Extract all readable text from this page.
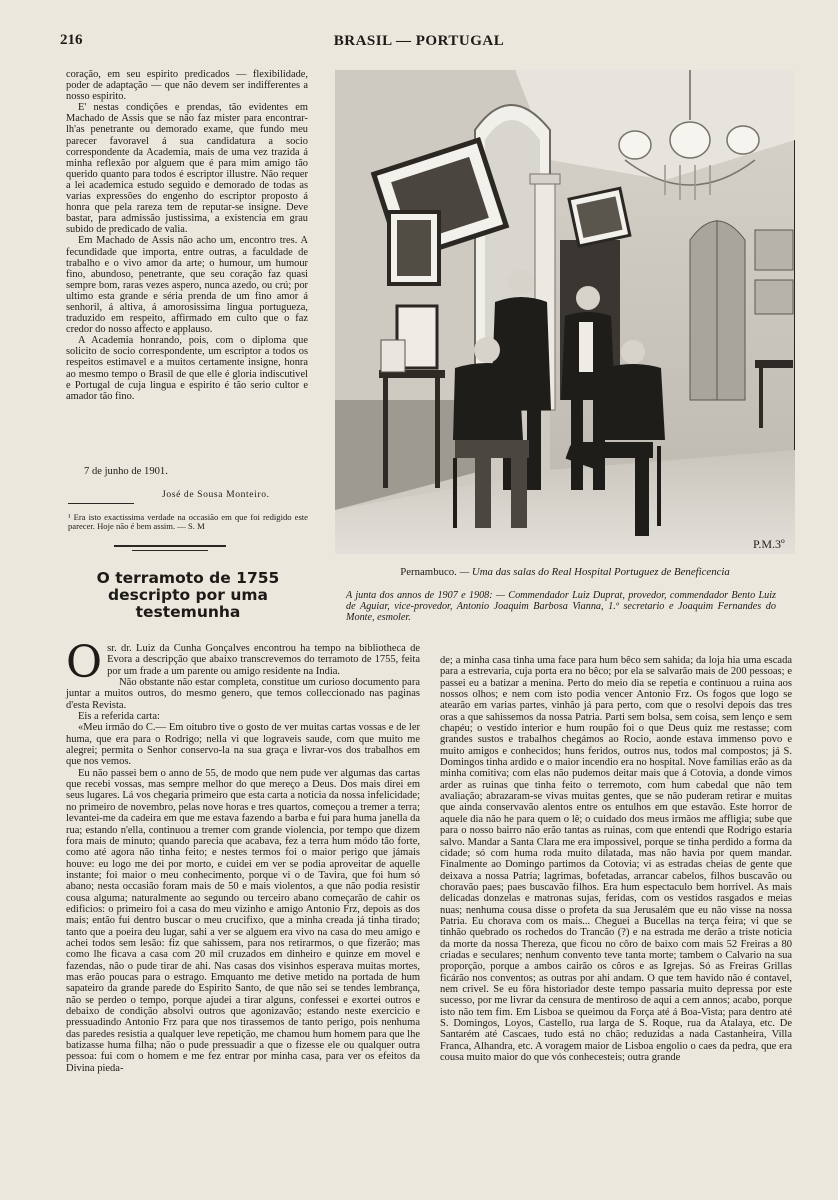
216	BRASIL — PORTUGAL

coração, em seu espirito predicados — flexibilidade, poder de adaptação — que não devem ser indifferentes a nosso espirito.

E' nestas condições e prendas, tão evidentes em Machado de Assis que se não faz mister para encontrar-lh'as penetrante ou demorado exame, que fundo meu parecer favoravel á sua candidatura a socio correspondente da Academia, mais de uma vez trazida á minha reflexão por alguem que é para mim amigo tão querido quanto para todos é escriptor illustre. Não requer a lei academica estudo seguido e demorado de todas as varias expressões do engenho do escriptor proposto á honra que pela rareza tem de reputar-se insigne. Deve bastar, para admissão justissima, a existencia em grau subido de predicado de valia.

Em Machado de Assis não acho um, encontro tres. A fecundidade que importa, entre outras, a faculdade de trabalho e o vivo amor da arte; o humour, um humour fino, abundoso, penetrante, que seu coração faz quasi sempre bom, raras vezes aspero, nunca azedo, ou crú; por ultimo esta grande e séria prenda de um fino amor á senhoril, á altiva, á amorosissima lingua portugueza, traduzido em respeito, affirmado em culto que o faz credor do nosso affecto e applauso.

A Academia honrando, pois, com o diploma que solicito de socio correspondente, um escriptor a todos os respeitos estimavel e a muitos certamente insigne, honra ao mesmo tempo o Brasil de que elle é gloria indiscutivel e Portugal de cuja lingua e espirito é tão serio cultor e amador tão fino.

7 de junho de 1901.
José de Sousa Monteiro.
¹ Era isto exactissima verdade na occasião em que foi redigido este parecer. Hoje não é bem assim. — S. M
O terramoto de 1755 descripto por uma testemunha
P.M.3º
Pernambuco. — Uma das salas do Real Hospital Portuguez de Beneficencia
A junta dos annos de 1907 e 1908: — Commendador Luiz Duprat, provedor, commendador Bento Luiz de Aguiar, vice-provedor, Antonio Joaquim Barbosa Vianna, 1.º secretario e Joaquim Fernandes do Monte, esmoler.

Osr. dr. Luiz da Cunha Gonçalves encontrou ha tempo na bibliotheca de Evora a descripção que abaixo transcrevemos do terramoto de 1755, feita por um frade a um parente ou amigo residente na India.

Não obstante não estar completa, constitue um curioso documento para juntar a muitos outros, do mesmo genero, que temos colleccionado nas paginas d'esta Revista.

Eis a referida carta:

«Meu irmão do C.— Em oitubro tive o gosto de ver muitas cartas vossas e de ler huma, que era para o Rodrigo; nella vi que lograveis saude, com que muito me alegrei; permita o Senhor conservo-la na sua graça e livrar-vos dos trabalhos em que nos vemos.

Eu não passei bem o anno de 55, de modo que nem pude ver algumas das cartas que recebi vossas, mas sempre melhor do que mereço a Deus. Dos mais direi em seus lugares. Lá vos chegaria primeiro que esta carta a noticia da nossa infelicidade; no primeiro de novembro, pelas nove horas e tres quartos, começou a tremer a terra; levantei-me da cadeira em que me estava fazendo a barba e fui para huma janella da rua; estando n'ella, continuou a tremer com grande violencia, por tempo que dizem fora mais de minuto; quando parecia que acabava, fez a terra hum módo tão forte, como até agora não tinha feito; e nestes termos foi o maior perigo que jámais houve: eu logo me dei por morto, e cuidei em ver se podia aproveitar de aquelle instante; foi maior o meu conhecimento, porque vi o de Tavira, que foi hum só abano; nesta occasião foram mais de 50 e mais violentos, a que não podia resistir cousa alguma; naturalmente ao segundo ou terceiro abano começarão de cahir os edificios: o primeiro foi a casa do meu vizinho e amigo Antonio Frz, depois as dos mais; então fui dentro buscar o meu crucifixo, que a minha creada já tinha tirado; tanto que a poeira deu lugar, sahi a ver se alguem era vivo na casa do meu amigo e achei todos sem lesão: fiz que sahissem, para nos retirarmos, o que fizerão; mas como lhe ficava a casa com 20 mil cruzados em dinheiro e quinze em movel e fazendas, não o pude tirar de ahi. Nas casas dos visinhos esperava muitas mortes, mas erão poucas para o estrago. Emquanto me detive metido na portada de hum sapateiro da grande parede do Espirito Santo, de que não sei se tendes lembrança, não se perdeo o tempo, porque ajudei a tirar alguns, confessei e exortei outros e debaixo de condição absolvi outros que agonizavão; estando neste exercicio e pressuadindo Antonio Frz para que nos tirassemos de tanto perigo, pois nenhuma das paredes resistia a qualquer leve repetição, me chamou hum homem para que lhe batizasse huma filha; não o pude pressuadir a que o fizesse ele ou qualquer outra pessoa: fui com o homem e me fez entrar por minha casa, para ver os efeitos da Divina pieda-

de; a minha casa tinha uma face para hum bêco sem sahida; da loja hia uma escada para a estrevaria, cuja porta era no bêco; por ela se salvarão mais de 200 pessoas; e passei eu a batizar a menina. Perto do meio dia se repetia e continuou a ruina aos nossos olhos; e nem com isto podia vencer Antonio Frz. Os fogos que logo se atearão em varias partes, vinhão já para perto, com que o resolvi depois das tres oras a que sahissemos da nossa Patria. Parti sem bolsa, sem coisa, sem lenço e sem chapéu; o vestido interior e hum roupão foi o que Deus quiz me restasse; com grandes sustos e trabalhos chegámos ao Rocio, aonde estava immenso povo e muito amigos e conhecidos; huns feridos, outros nus, todos mal compostos; já S. Domingos tinha ardido e o maior incendio era no hospital. Nove familias erão as da minha comitiva; com elas não pudemos deitar mais que á Cotovia, a donde vimos arder as ruinas que tinha feito o terremoto, com hum cabedal que não tem avaliação; abrazaram-se vivas muitas gentes, que se não puderam retirar e muitas que ainda conservavão alentos entre os entulhos em que estavão. Este horror de aquele dia não he para quem o lê; o cuidado dos meus irmãos me affligia; sube que para o nosso bairro não erão tantas as ruinas, com que entendi que Rodrigo estaria salvo. Mandar a Santa Clara me era impossivel, porque se tinha perdido a forma da cidade; só com huma roda muito dilatada, mas não havia por quem mandar. Finalmente ao Domingo partimos da Cotovia; vi as estradas cheias de gente que deixava a nossa Patria; lagrimas, bofetadas, arrancar cabelos, filhos buscavão ou choravão paes; paes buscavão filhos. Era hum espectaculo bem horrivel. As mais delicadas donzelas e matronas sujas, feridas, com os vestidos rasgados e meias nuas; nenhuma cousa disse o profeta da sua Jerusalém que eu não visse na nossa Patria. Eu chorava com os mais... Cheguei a Bucellas na terça feira; vi que se tinhão quebrado os rochedos do Trancão (?) e na estrada me derão a triste noticia da morte da nossa Thereza, que ficou no côro de baixo com mais 52 Freiras a 80 criadas e seculares; nenhum convento teve tanta morte; tambem o Calvario na sua proporção, porque a ambos cairão os côros e as Igrejas. Só as Freiras Grillas ficárão nos conventos; as outras por ahi andam. O que tem havido não é contavel, nem crivel. Se eu fôra historiador deste tempo passaria muito depressa por este sucesso, por me livrar da censura de mentiroso de aqui a cem annos; acabo, porque isto não tem fim. Em Lisboa se queimou da Força até á Boa-Vista; para dentro até S. Domingos, Loyos, Castello, rua larga de S. Roque, rua da Atalaya, etc. De Santarém até Cascaes, tudo está no chão; reduzidas a nada Castanheira, Villa Franca, Alhandra, etc. A voragem maior de Lisboa engolio o caes da pedra, que era cousa muito maior do que vós conhecesteis; outra grande
